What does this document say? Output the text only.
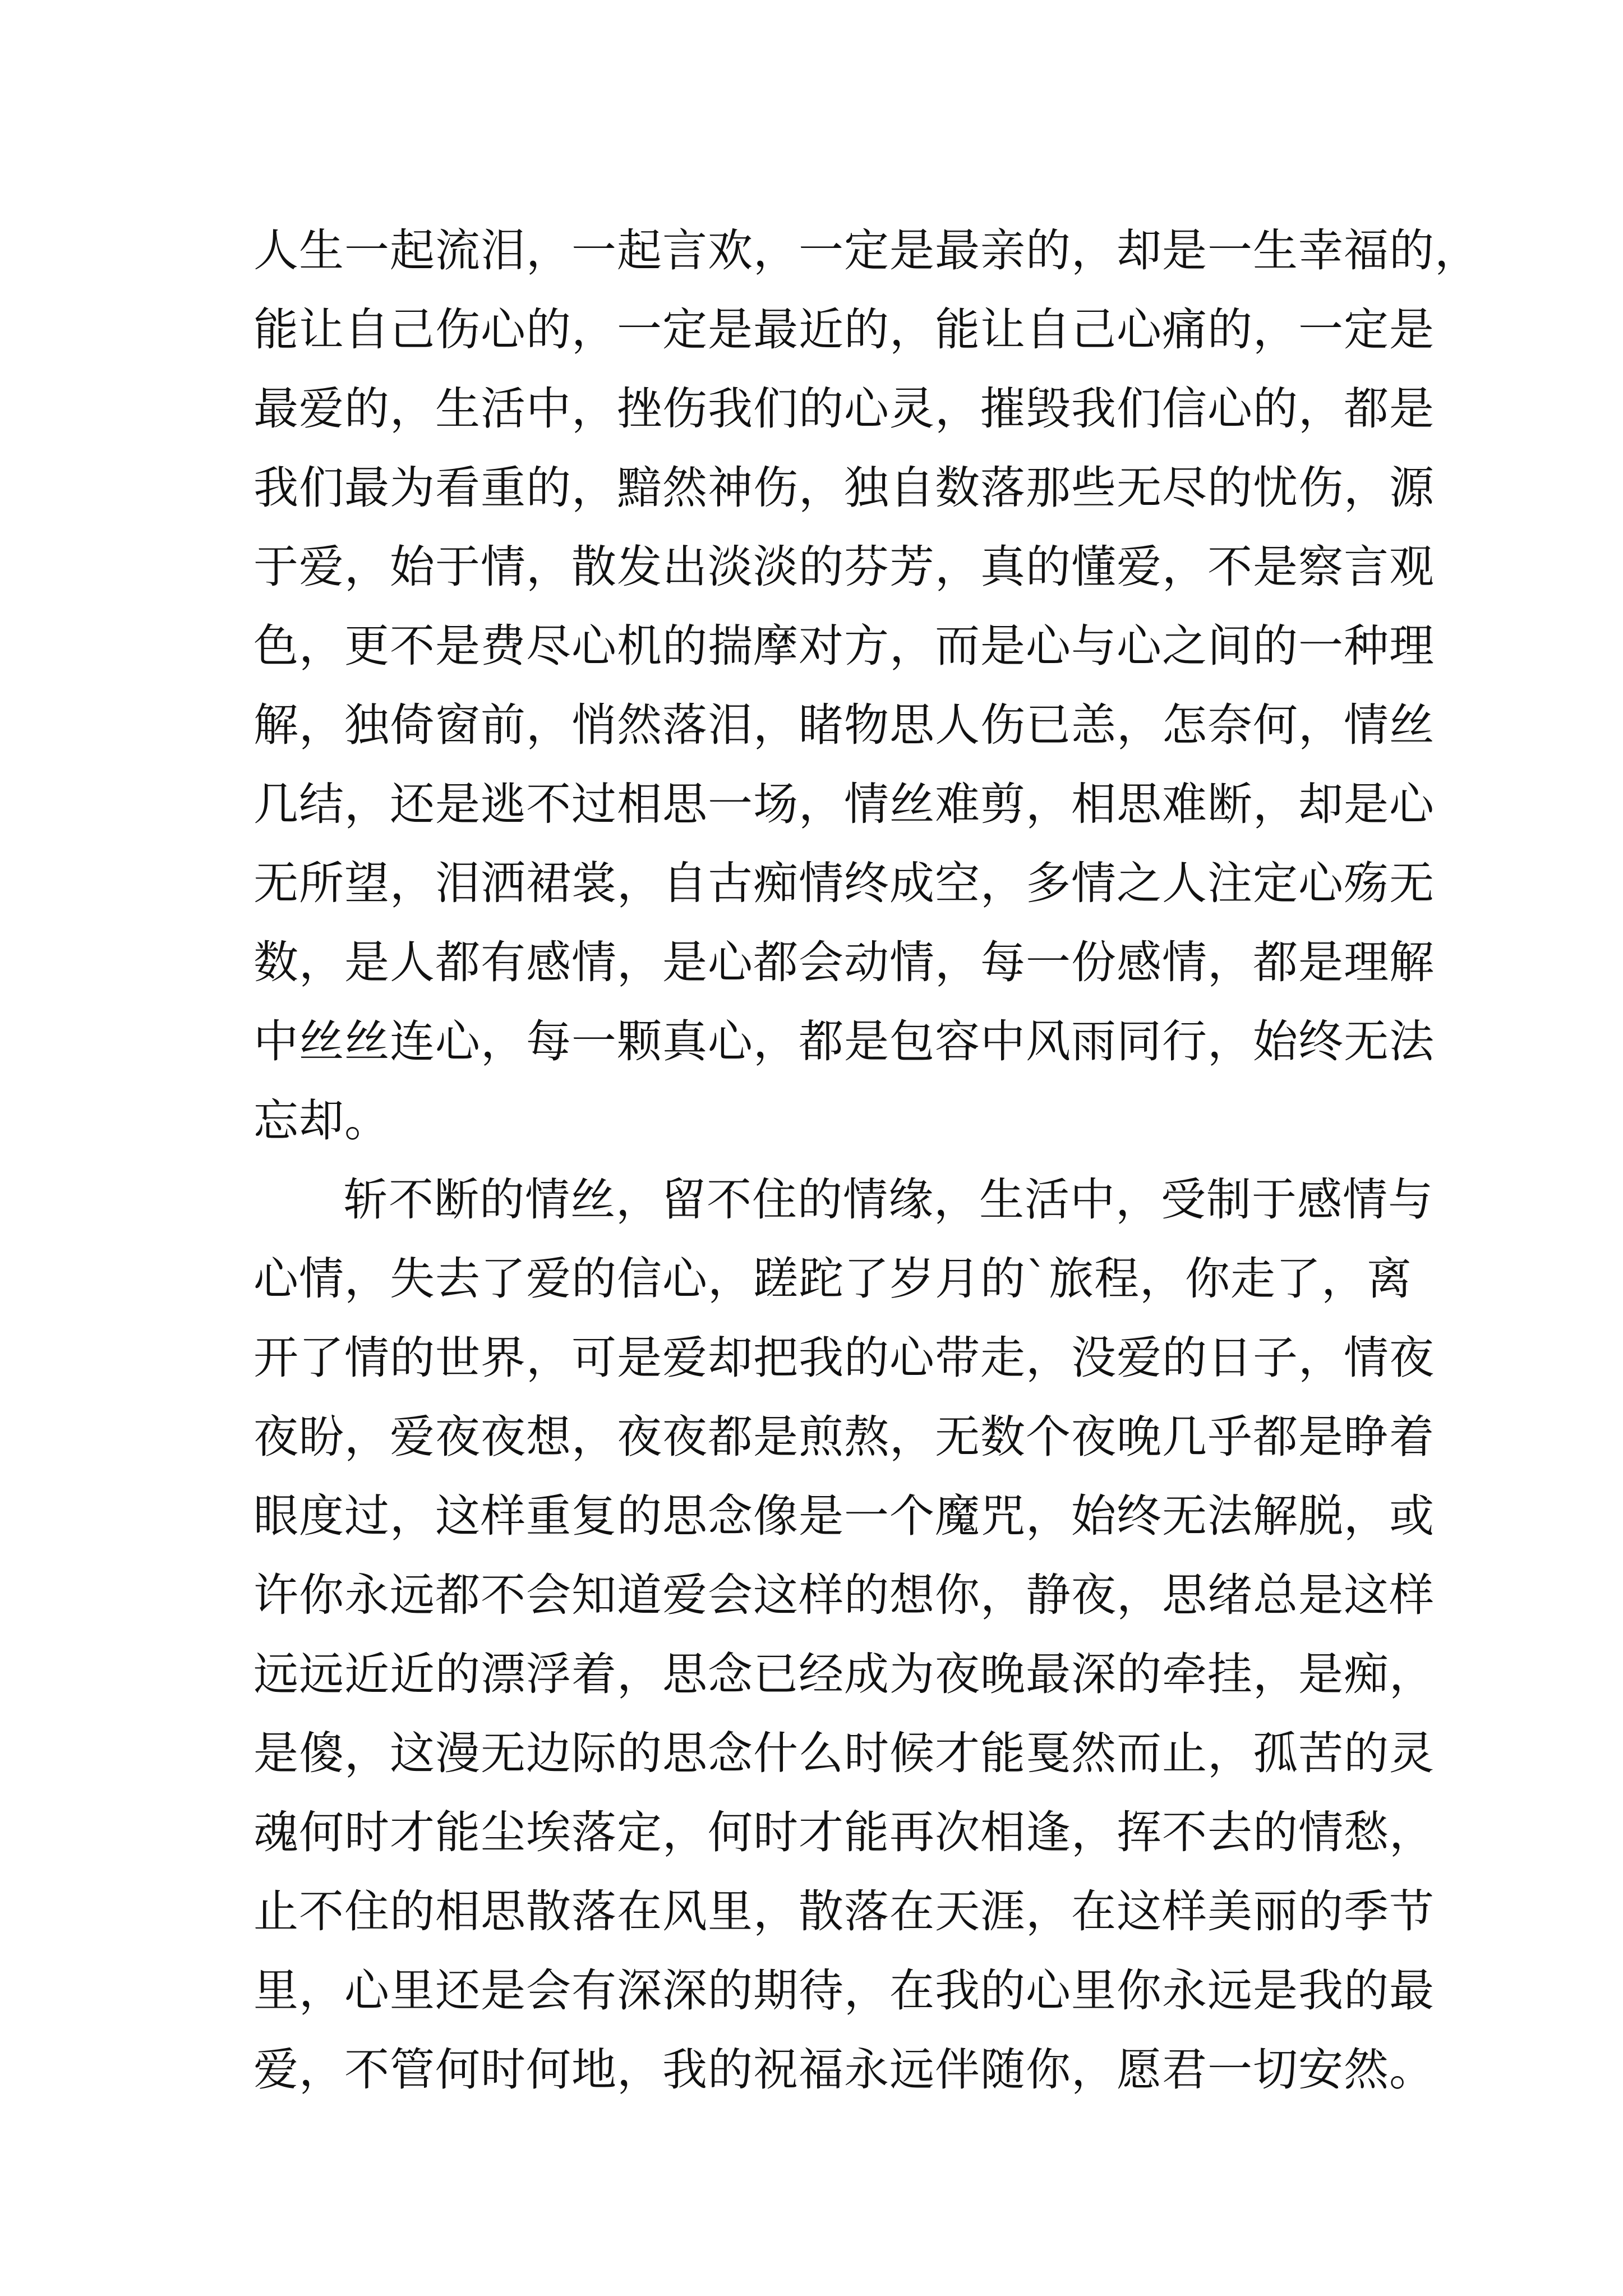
人生一起流泪，一起言欢，一定是最亲的，却是一生幸福的，
能让自己伤心的，一定是最近的，能让自己心痛的，一定是
最爱的，生活中，挫伤我们的心灵，摧毁我们信心的，都是
我们最为看重的，黯然神伤，独自数落那些无尽的忧伤，源
于爱，始于情，散发出淡淡的芬芳，真的懂爱，不是察言观
色，更不是费尽心机的揣摩对方，而是心与心之间的一种理
解，独倚窗前，悄然落泪，睹物思人伤已恙，怎奈何，情丝
几结，还是逃不过相思一场，情丝难剪，相思难断，却是心
无所望，泪洒裙裳，自古痴情终成空，多情之人注定心殇无
数，是人都有感情，是心都会动情，每一份感情，都是理解
中丝丝连心，每一颗真心，都是包容中风雨同行，始终无法
忘却。
斩不断的情丝，留不住的情缘，生活中，受制于感情与
心情，失去了爱的信心，蹉跎了岁月的`旅程，你走了，离
开了情的世界，可是爱却把我的心带走，没爱的日子，情夜
夜盼，爱夜夜想，夜夜都是煎熬，无数个夜晚几乎都是睁着
眼度过，这样重复的思念像是一个魔咒，始终无法解脱，或
许你永远都不会知道爱会这样的想你，静夜，思绪总是这样
远远近近的漂浮着，思念已经成为夜晚最深的牵挂，是痴，
是傻，这漫无边际的思念什么时候才能戛然而止，孤苦的灵
魂何时才能尘埃落定，何时才能再次相逢，挥不去的情愁，
止不住的相思散落在风里，散落在天涯，在这样美丽的季节
里，心里还是会有深深的期待，在我的心里你永远是我的最
爱，不管何时何地，我的祝福永远伴随你，愿君一切安然。
